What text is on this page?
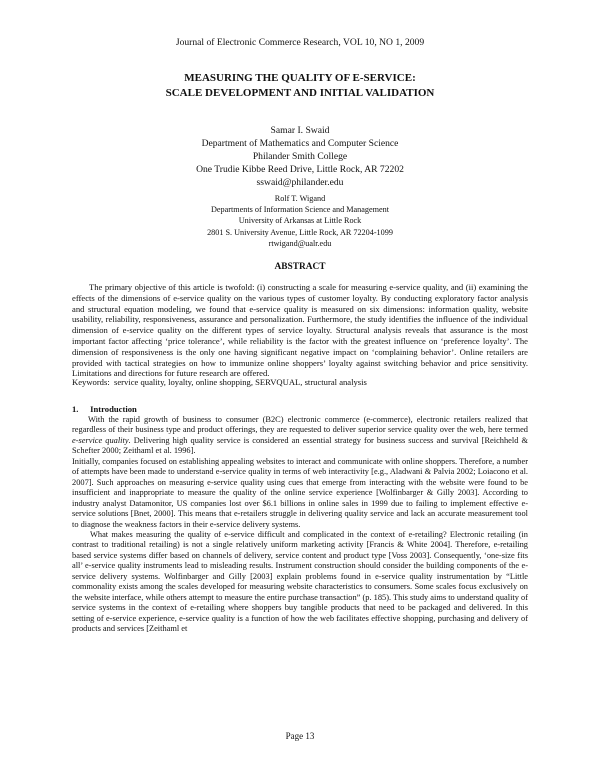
Journal of Electronic Commerce Research, VOL 10, NO 1, 2009
MEASURING THE QUALITY OF E-SERVICE:
SCALE DEVELOPMENT AND INITIAL VALIDATION
Samar I. Swaid
Department of Mathematics and Computer Science
Philander Smith College
One Trudie Kibbe Reed Drive, Little Rock, AR 72202
sswaid@philander.edu
Rolf T. Wigand
Departments of Information Science and Management
University of Arkansas at Little Rock
2801 S. University Avenue, Little Rock, AR 72204-1099
rtwigand@ualr.edu
ABSTRACT

The primary objective of this article is twofold: (i) constructing a scale for measuring e-service quality, and (ii) examining the effects of the dimensions of e-service quality on the various types of customer loyalty. By conducting exploratory factor analysis and structural equation modeling, we found that e-service quality is measured on six dimensions: information quality, website usability, reliability, responsiveness, assurance and personalization. Furthermore, the study identifies the influence of the individual dimension of e-service quality on the different types of service loyalty. Structural analysis reveals that assurance is the most important factor affecting ‘price tolerance’, while reliability is the factor with the greatest influence on ‘preference loyalty’. The dimension of responsiveness is the only one having significant negative impact on ‘complaining behavior’. Online retailers are provided with tactical strategies on how to immunize online shoppers’ loyalty against switching behavior and price sensitivity. Limitations and directions for future research are offered.

Keywords: service quality, loyalty, online shopping, SERVQUAL, structural analysis
1. Introduction

With the rapid growth of business to consumer (B2C) electronic commerce (e-commerce), electronic retailers realized that regardless of their business type and product offerings, they are requested to deliver superior service quality over the web, here termed e-service quality. Delivering high quality service is considered an essential strategy for business success and survival [Reichheld & Schefter 2000; Zeithaml et al. 1996].

Initially, companies focused on establishing appealing websites to interact and communicate with online shoppers. Therefore, a number of attempts have been made to understand e-service quality in terms of web interactivity [e.g., Aladwani & Palvia 2002; Loiacono et al. 2007]. Such approaches on measuring e-service quality using cues that emerge from interacting with the website were found to be insufficient and inappropriate to measure the quality of the online service experience [Wolfinbarger & Gilly 2003]. According to industry analyst Datamonitor, US companies lost over $6.1 billions in online sales in 1999 due to failing to implement effective e-service solutions [Bnet, 2000]. This means that e-retailers struggle in delivering quality service and lack an accurate measurement tool to diagnose the weakness factors in their e-service delivery systems.

What makes measuring the quality of e-service difficult and complicated in the context of e-retailing? Electronic retailing (in contrast to traditional retailing) is not a single relatively uniform marketing activity [Francis & White 2004]. Therefore, e-retailing based service systems differ based on channels of delivery, service content and product type [Voss 2003]. Consequently, ‘one-size fits all’ e-service quality instruments lead to misleading results. Instrument construction should consider the building components of the e-service delivery systems. Wolfinbarger and Gilly [2003] explain problems found in e-service quality instrumentation by “Little commonality exists among the scales developed for measuring website characteristics to consumers. Some scales focus exclusively on the website interface, while others attempt to measure the entire purchase transaction” (p. 185). This study aims to understand quality of service systems in the context of e-retailing where shoppers buy tangible products that need to be packaged and delivered. In this setting of e-service experience, e-service quality is a function of how the web facilitates effective shopping, purchasing and delivery of products and services [Zeithaml et

Page 13
